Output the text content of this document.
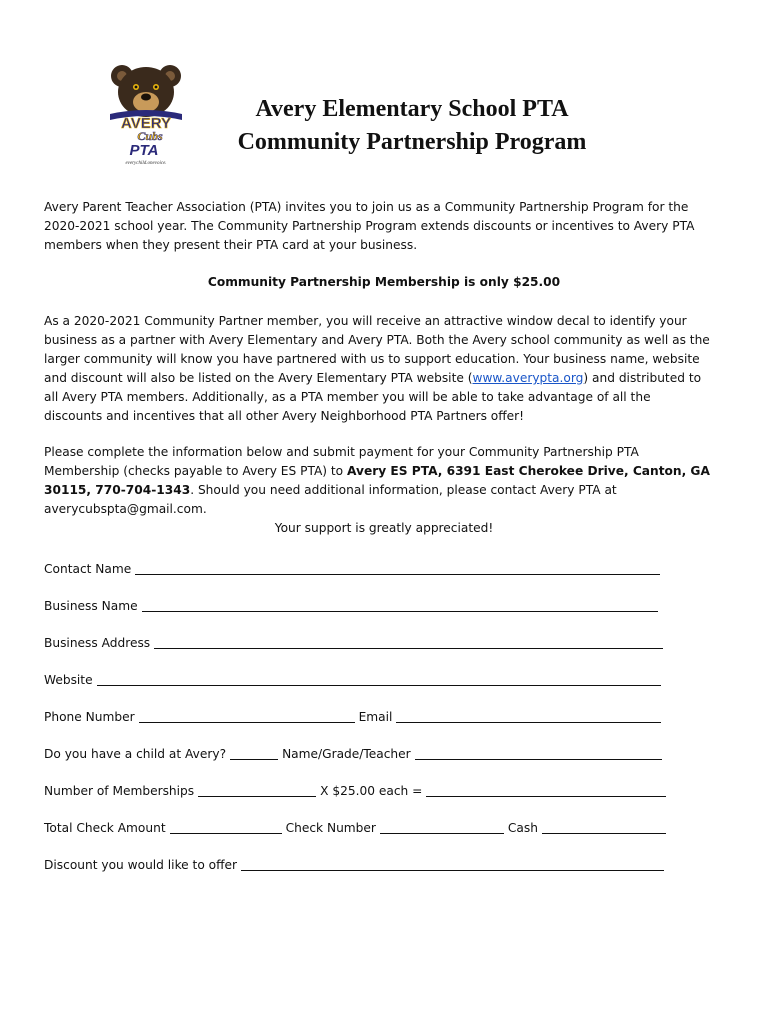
AVERY
Cubs
PTA
everychild.onevoice.
Avery Elementary School PTA
Community Partnership Program
Avery Parent Teacher Association (PTA) invites you to join us as a Community Partnership Program for the
2020-2021 school year. The Community Partnership Program extends discounts or incentives to Avery PTA
members when they present their PTA card at your business.
Community Partnership Membership is only $25.00
As a 2020-2021 Community Partner member, you will receive an attractive window decal to identify your
business as a partner with Avery Elementary and Avery PTA. Both the Avery school community as well as the
larger community will know you have partnered with us to support education. Your business name, website
and discount will also be listed on the Avery Elementary PTA website (www.averypta.org) and distributed to
all Avery PTA members. Additionally, as a PTA member you will be able to take advantage of all the
discounts and incentives that all other Avery Neighborhood PTA Partners offer!
Please complete the information below and submit payment for your Community Partnership PTA
Membership (checks payable to Avery ES PTA) to Avery ES PTA, 6391 East Cherokee Drive, Canton, GA
30115, 770-704-1343. Should you need additional information, please contact Avery PTA at
averycubspta@gmail.com.
Your support is greatly appreciated!
Contact Name
Business Name
Business Address
Website
Phone Number	Email
Do you have a child at Avery?	Name/Grade/Teacher
Number of Memberships	X $25.00 each =
Total Check Amount	Check Number	Cash
Discount you would like to offer
